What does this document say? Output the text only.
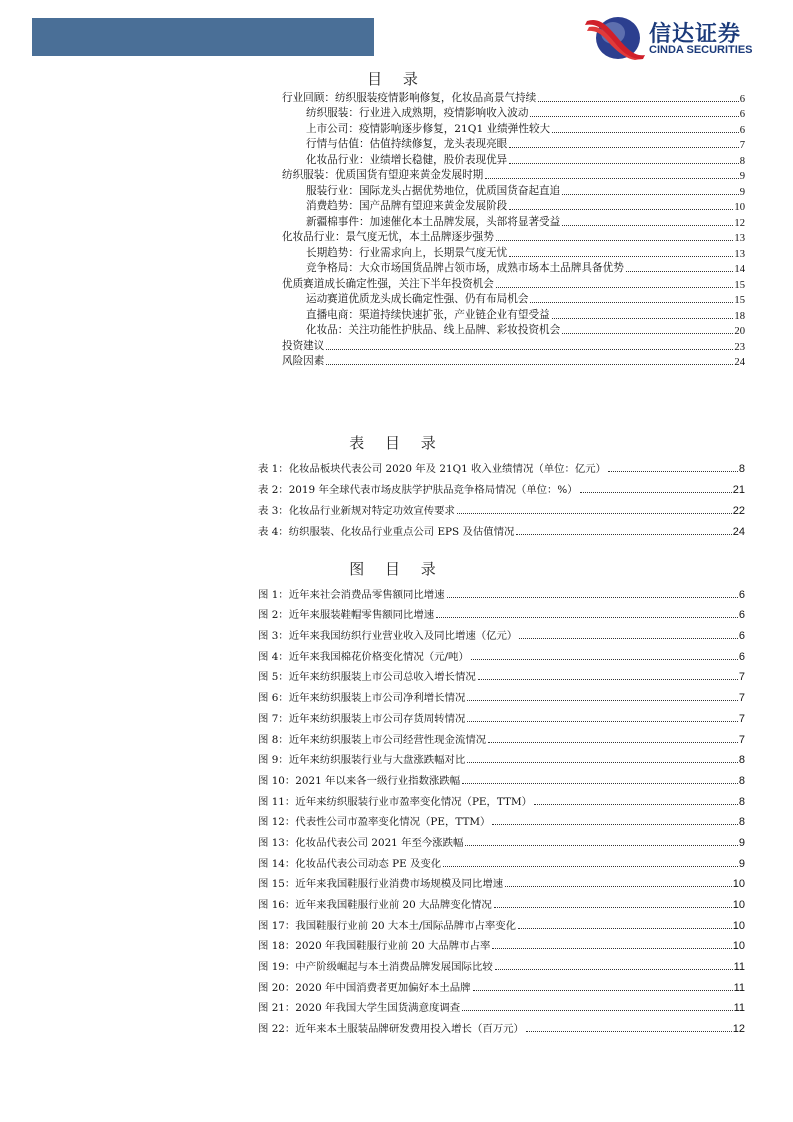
信达证券
CINDA SECURITIES
目 录
行业回顾：纺织服装疫情影响修复，化妆品高景气持续	6
纺织服装：行业进入成熟期，疫情影响收入波动	6
上市公司：疫情影响逐步修复，21Q1 业绩弹性较大	6
行情与估值：估值持续修复，龙头表现亮眼	7
化妆品行业：业绩增长稳健，股价表现优异	8
纺织服装：优质国货有望迎来黄金发展时期	9
服装行业：国际龙头占据优势地位，优质国货奋起直追	9
消费趋势：国产品牌有望迎来黄金发展阶段	10
新疆棉事件：加速催化本土品牌发展，头部将显著受益	12
化妆品行业：景气度无忧，本土品牌逐步强势	13
长期趋势：行业需求向上，长期景气度无忧	13
竞争格局：大众市场国货品牌占领市场，成熟市场本土品牌具备优势	14
优质赛道成长确定性强，关注下半年投资机会	15
运动赛道优质龙头成长确定性强、仍有布局机会	15
直播电商：渠道持续快速扩张，产业链企业有望受益	18
化妆品：关注功能性护肤品、线上品牌、彩妆投资机会	20
投资建议	23
风险因素	24
表 目 录
表 1：化妆品板块代表公司 2020 年及 21Q1 收入业绩情况（单位：亿元）	8
表 2：2019 年全球代表市场皮肤学护肤品竞争格局情况（单位：%）	21
表 3：化妆品行业新规对特定功效宣传要求	22
表 4：纺织服装、化妆品行业重点公司 EPS 及估值情况	24
图 目 录
图 1：近年来社会消费品零售额同比增速	6
图 2：近年来服装鞋帽零售额同比增速	6
图 3：近年来我国纺织行业营业收入及同比增速（亿元）	6
图 4：近年来我国棉花价格变化情况（元/吨）	6
图 5：近年来纺织服装上市公司总收入增长情况	7
图 6：近年来纺织服装上市公司净利增长情况	7
图 7：近年来纺织服装上市公司存货周转情况	7
图 8：近年来纺织服装上市公司经营性现金流情况	7
图 9：近年来纺织服装行业与大盘涨跌幅对比	8
图 10：2021 年以来各一级行业指数涨跌幅	8
图 11：近年来纺织服装行业市盈率变化情况（PE，TTM）	8
图 12：代表性公司市盈率变化情况（PE，TTM）	8
图 13：化妆品代表公司 2021 年至今涨跌幅	9
图 14：化妆品代表公司动态 PE 及变化	9
图 15：近年来我国鞋服行业消费市场规模及同比增速	10
图 16：近年来我国鞋服行业前 20 大品牌变化情况	10
图 17：我国鞋服行业前 20 大本土/国际品牌市占率变化	10
图 18：2020 年我国鞋服行业前 20 大品牌市占率	10
图 19：中产阶级崛起与本土消费品牌发展国际比较	11
图 20：2020 年中国消费者更加偏好本土品牌	11
图 21：2020 年我国大学生国货满意度调查	11
图 22：近年来本土服装品牌研发费用投入增长（百万元）	12
